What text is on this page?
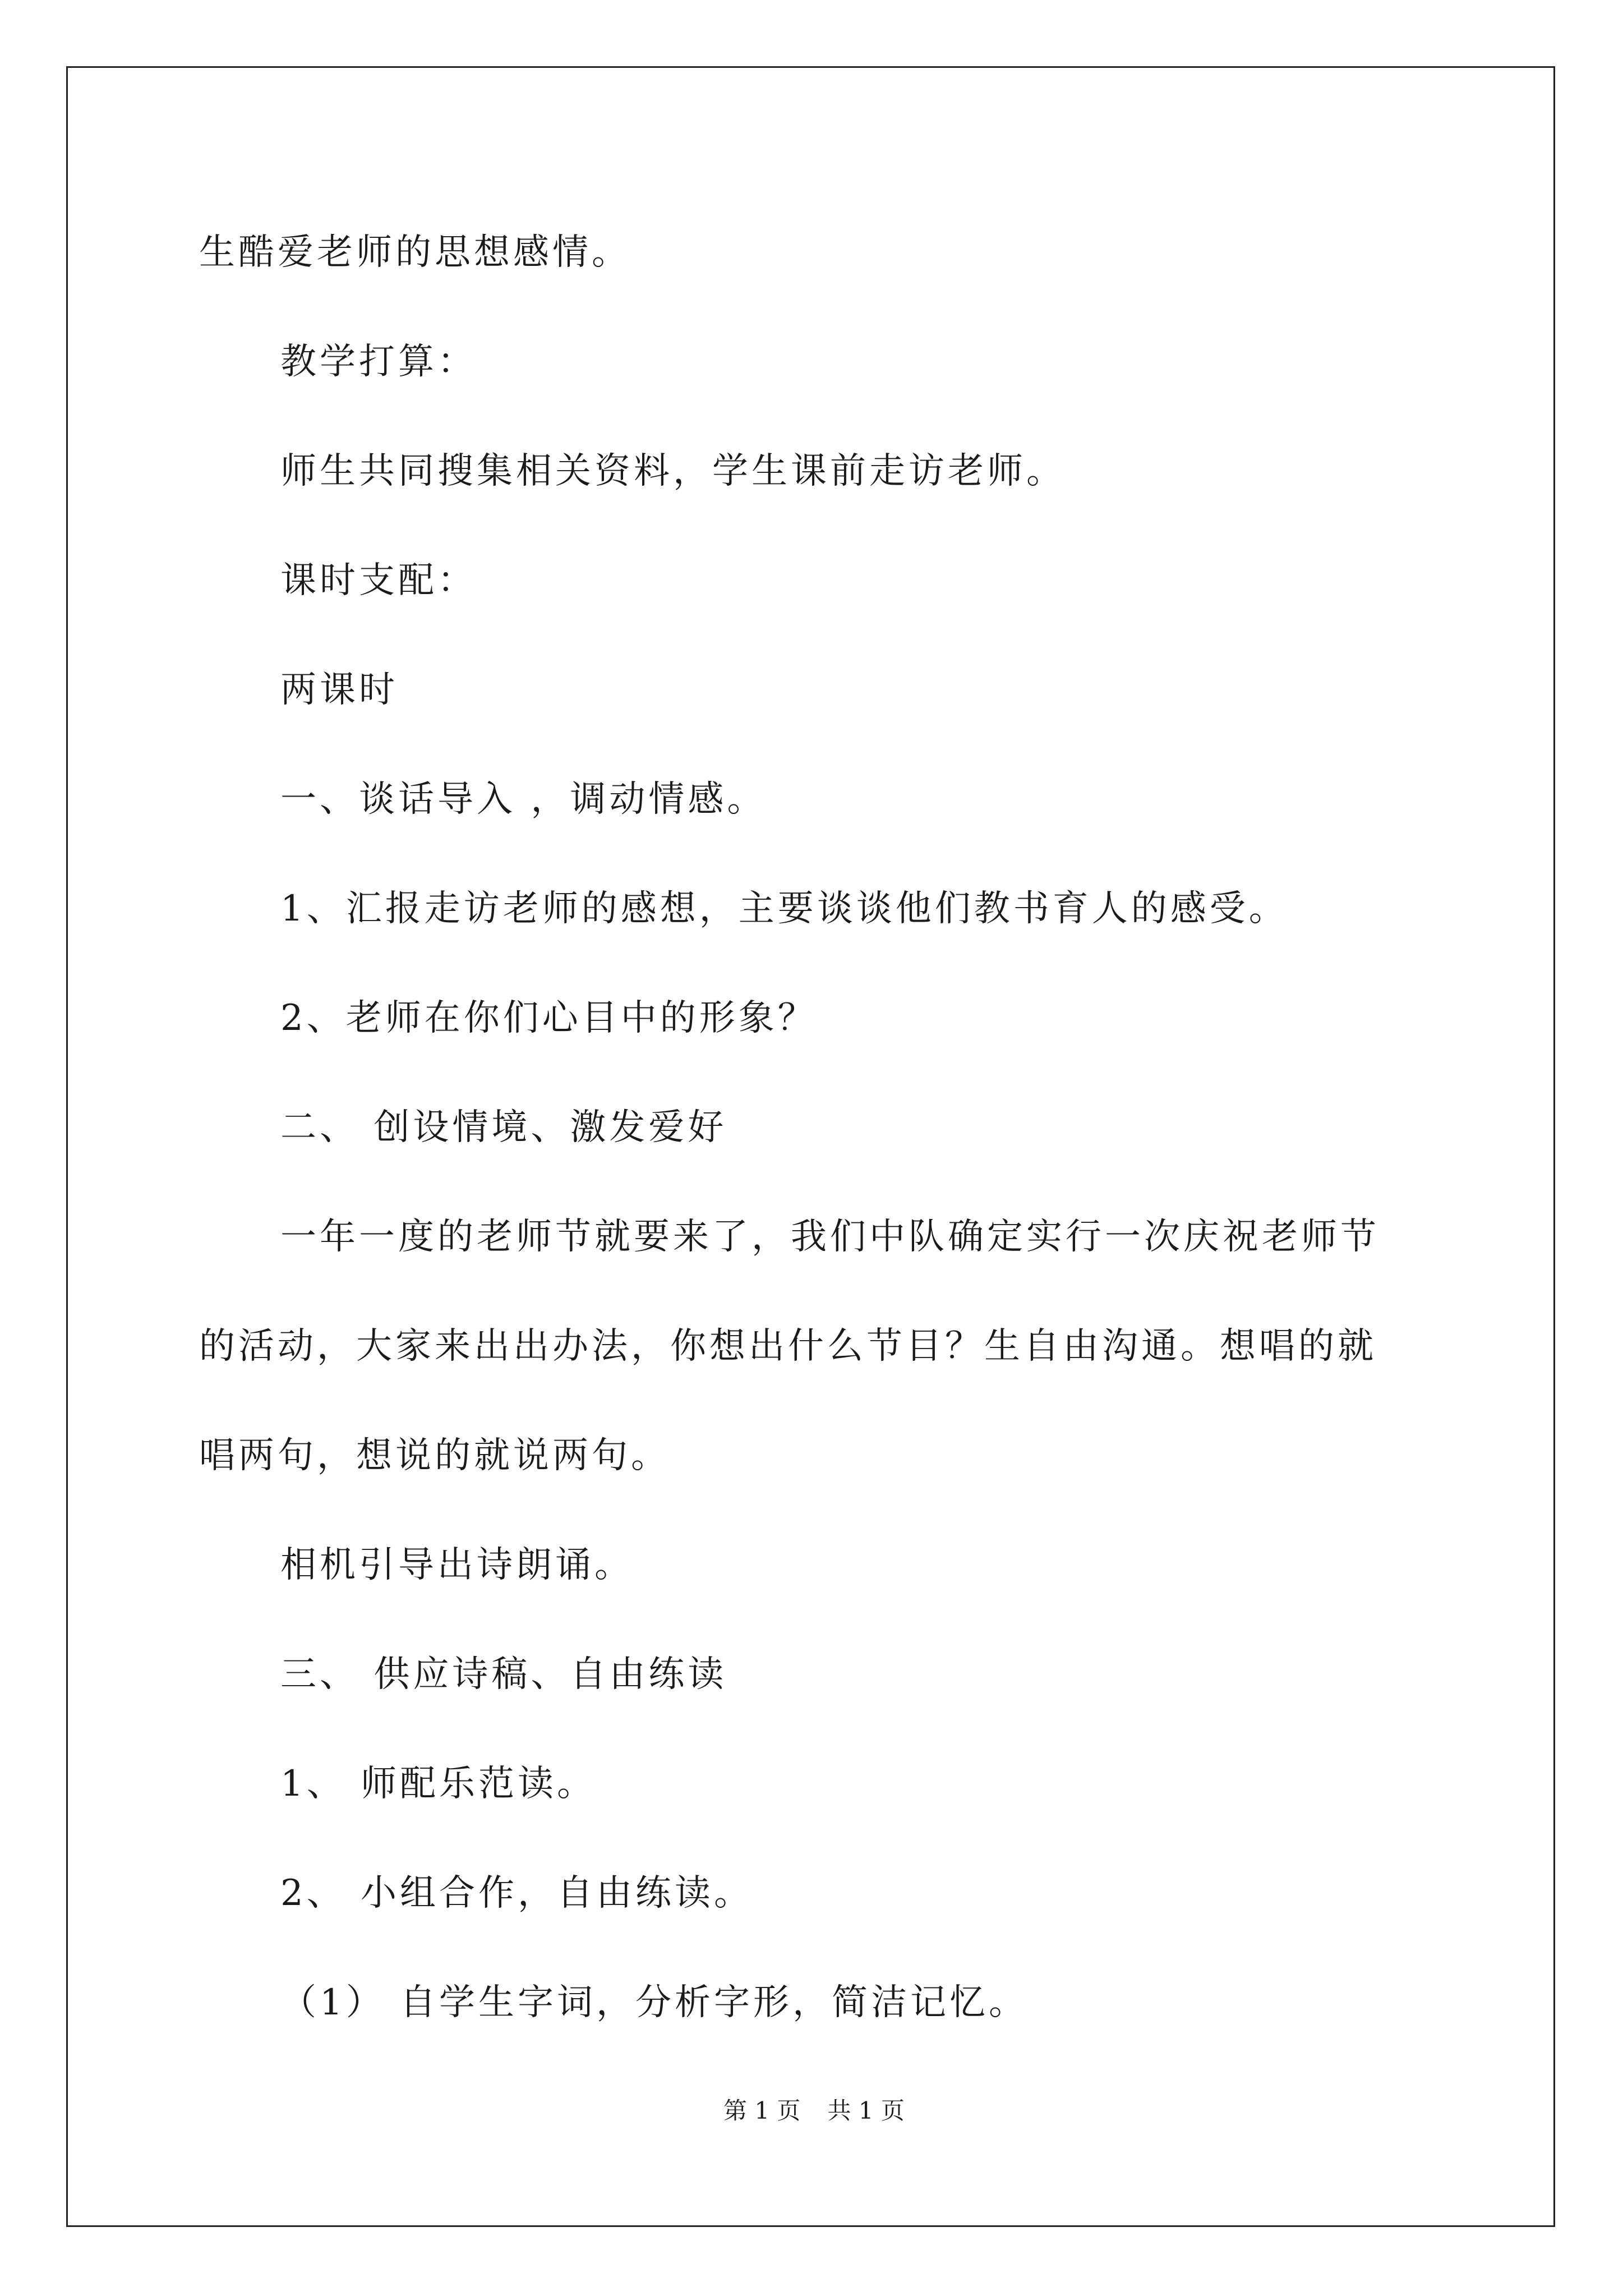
生酷爱老师的思想感情。
教学打算：
师生共同搜集相关资料，学生课前走访老师。
课时支配：
两课时
一、谈话导入 ，调动情感。
1、汇报走访老师的感想，主要谈谈他们教书育人的感受。
2、老师在你们心目中的形象？
二、 创设情境、激发爱好
一年一度的老师节就要来了，我们中队确定实行一次庆祝老师节
的活动，大家来出出办法，你想出什么节目？生自由沟通。想唱的就
唱两句，想说的就说两句。
相机引导出诗朗诵。
三、 供应诗稿、自由练读
1、 师配乐范读。
2、 小组合作，自由练读。
（1） 自学生字词，分析字形，简洁记忆。
第 1 页 共 1 页
